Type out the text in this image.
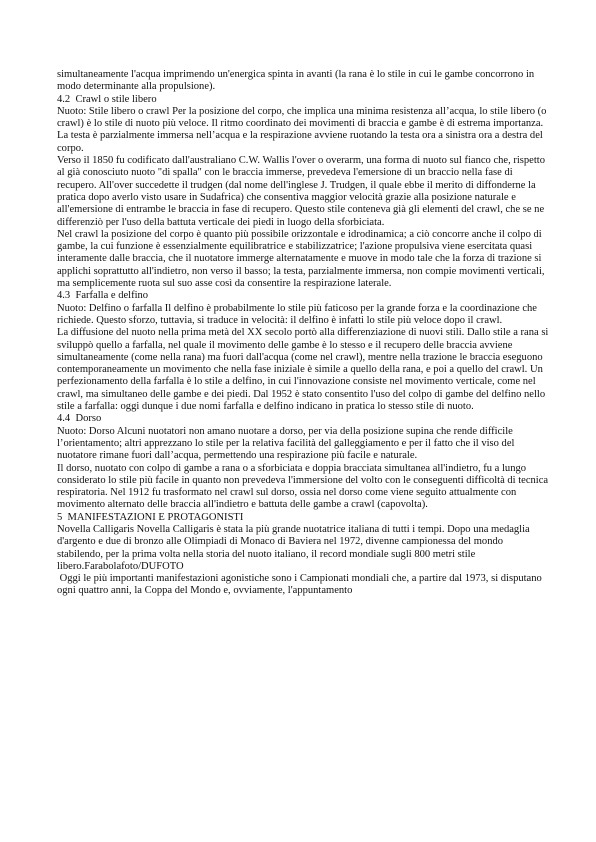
simultaneamente l'acqua imprimendo un'energica spinta in avanti (la rana è lo stile in cui le gambe concorrono in modo determinante alla propulsione).

4.2  Crawl o stile libero

Nuoto: Stile libero o crawl Per la posizione del corpo, che implica una minima resistenza all’acqua, lo stile libero (o crawl) è lo stile di nuoto più veloce. Il ritmo coordinato dei movimenti di braccia e gambe è di estrema importanza. La testa è parzialmente immersa nell’acqua e la respirazione avviene ruotando la testa ora a sinistra ora a destra del corpo.

Verso il 1850 fu codificato dall'australiano C.W. Wallis l'over o overarm, una forma di nuoto sul fianco che, rispetto al già conosciuto nuoto "di spalla" con le braccia immerse, prevedeva l'emersione di un braccio nella fase di recupero. All'over succedette il trudgen (dal nome dell'inglese J. Trudgen, il quale ebbe il merito di diffonderne la pratica dopo averlo visto usare in Sudafrica) che consentiva maggior velocità grazie alla posizione naturale e all'emersione di entrambe le braccia in fase di recupero. Questo stile conteneva già gli elementi del crawl, che se ne differenziò per l'uso della battuta verticale dei piedi in luogo della sforbiciata.

Nel crawl la posizione del corpo è quanto più possibile orizzontale e idrodinamica; a ciò concorre anche il colpo di gambe, la cui funzione è essenzialmente equilibratrice e stabilizzatrice; l'azione propulsiva viene esercitata quasi interamente dalle braccia, che il nuotatore immerge alternatamente e muove in modo tale che la forza di trazione si applichi soprattutto all'indietro, non verso il basso; la testa, parzialmente immersa, non compie movimenti verticali, ma semplicemente ruota sul suo asse così da consentire la respirazione laterale.

4.3  Farfalla e delfino

Nuoto: Delfino o farfalla Il delfino è probabilmente lo stile più faticoso per la grande forza e la coordinazione che richiede. Questo sforzo, tuttavia, si traduce in velocità: il delfino è infatti lo stile più veloce dopo il crawl.

La diffusione del nuoto nella prima metà del XX secolo portò alla differenziazione di nuovi stili. Dallo stile a rana si sviluppò quello a farfalla, nel quale il movimento delle gambe è lo stesso e il recupero delle braccia avviene simultaneamente (come nella rana) ma fuori dall'acqua (come nel crawl), mentre nella trazione le braccia eseguono contemporaneamente un movimento che nella fase iniziale è simile a quello della rana, e poi a quello del crawl. Un perfezionamento della farfalla è lo stile a delfino, in cui l'innovazione consiste nel movimento verticale, come nel crawl, ma simultaneo delle gambe e dei piedi. Dal 1952 è stato consentito l'uso del colpo di gambe del delfino nello stile a farfalla: oggi dunque i due nomi farfalla e delfino indicano in pratica lo stesso stile di nuoto.

4.4  Dorso

Nuoto: Dorso Alcuni nuotatori non amano nuotare a dorso, per via della posizione supina che rende difficile l’orientamento; altri apprezzano lo stile per la relativa facilità del galleggiamento e per il fatto che il viso del nuotatore rimane fuori dall’acqua, permettendo una respirazione più facile e naturale.

Il dorso, nuotato con colpo di gambe a rana o a sforbiciata e doppia bracciata simultanea all'indietro, fu a lungo considerato lo stile più facile in quanto non prevedeva l'immersione del volto con le conseguenti difficoltà di tecnica respiratoria. Nel 1912 fu trasformato nel crawl sul dorso, ossia nel dorso come viene seguito attualmente con movimento alternato delle braccia all'indietro e battuta delle gambe a crawl (capovolta).

5  MANIFESTAZIONI E PROTAGONISTI

Novella Calligaris Novella Calligaris è stata la più grande nuotatrice italiana di tutti i tempi. Dopo una medaglia d'argento e due di bronzo alle Olimpiadi di Monaco di Baviera nel 1972, divenne campionessa del mondo stabilendo, per la prima volta nella storia del nuoto italiano, il record mondiale sugli 800 metri stile libero.Farabolafoto/DUFOTO

Oggi le più importanti manifestazioni agonistiche sono i Campionati mondiali che, a partire dal 1973, si disputano ogni quattro anni, la Coppa del Mondo e, ovviamente, l'appuntamento
